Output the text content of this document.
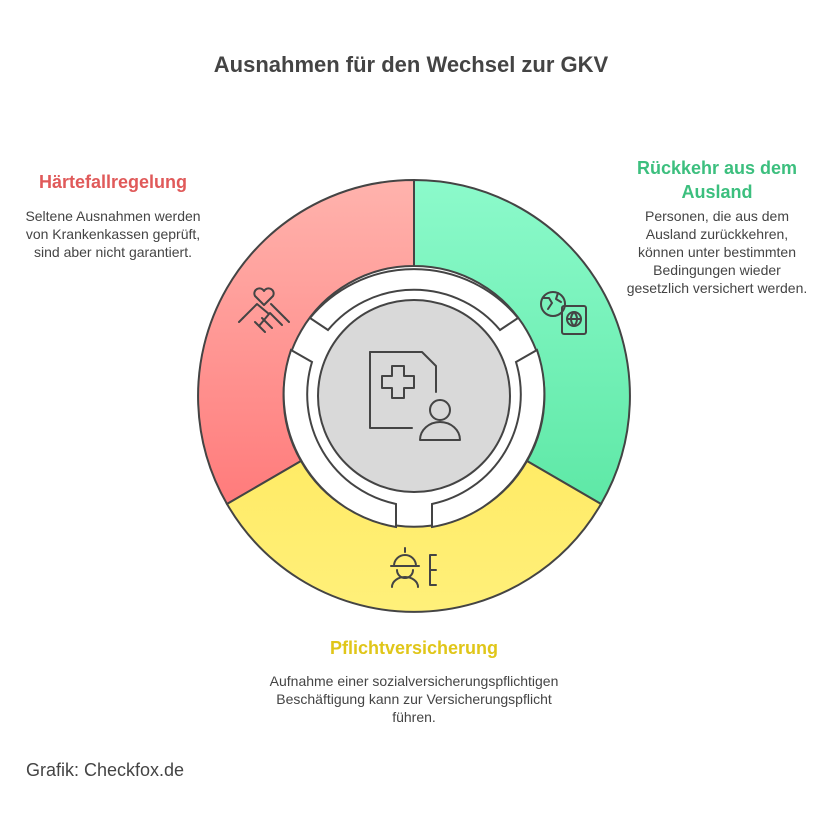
Ausnahmen für den Wechsel zur GKV
Härtefallregelung
Seltene Ausnahmen werden von Krankenkassen geprüft, sind aber nicht garantiert.
Rückkehr aus dem Ausland
Personen, die aus dem Ausland zurückkehren, können unter bestimmten Bedingungen wieder gesetzlich versichert werden.
Pflichtversicherung
Aufnahme einer sozialversicherungspflichtigen Beschäftigung kann zur Versicherungspflicht führen.
Grafik: Checkfox.de
